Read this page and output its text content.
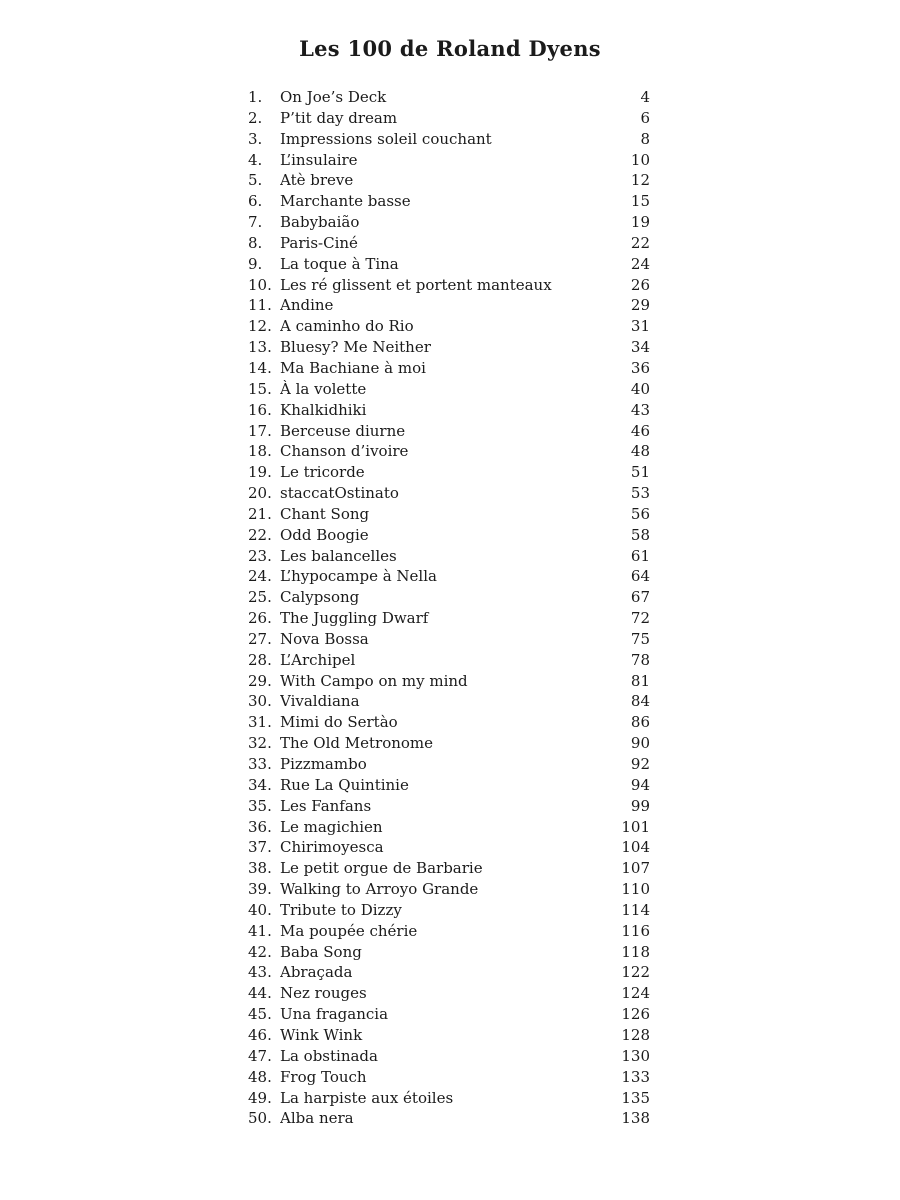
Les 100 de Roland Dyens
1.	On Joe’s Deck	4
2.	P’tit day dream	6
3.	Impressions soleil couchant	8
4.	L’insulaire	10
5.	Atè breve	12
6.	Marchante basse	15
7.	Babybaião	19
8.	Paris-Ciné	22
9.	La toque à Tina	24
10. Les ré glissent et portent manteaux	26
11. Andine	29
12. A caminho do Rio	31
13. Bluesy? Me Neither	34
14. Ma Bachiane à moi	36
15. À la volette	40
16. Khalkidhiki	43
17. Berceuse diurne	46
18. Chanson d’ivoire	48
19. Le tricorde	51
20. staccatOstinato	53
21. Chant Song	56
22. Odd Boogie	58
23. Les balancelles	61
24. L’hypocampe à Nella	64
25. Calypsong	67
26. The Juggling Dwarf	72
27. Nova Bossa	75
28. L’Archipel	78
29. With Campo on my mind	81
30. Vivaldiana	84
31. Mimi do Sertào	86
32. The Old Metronome	90
33. Pizzmambo	92
34. Rue La Quintinie	94
35. Les Fanfans	99
36. Le magichien	101
37. Chirimoyesca	104
38. Le petit orgue de Barbarie	107
39. Walking to Arroyo Grande	110
40. Tribute to Dizzy	114
41. Ma poupée chérie	116
42. Baba Song	118
43. Abraçada	122
44. Nez rouges	124
45. Una fragancia	126
46. Wink Wink	128
47. La obstinada	130
48. Frog Touch	133
49. La harpiste aux étoiles	135
50. Alba nera	138
